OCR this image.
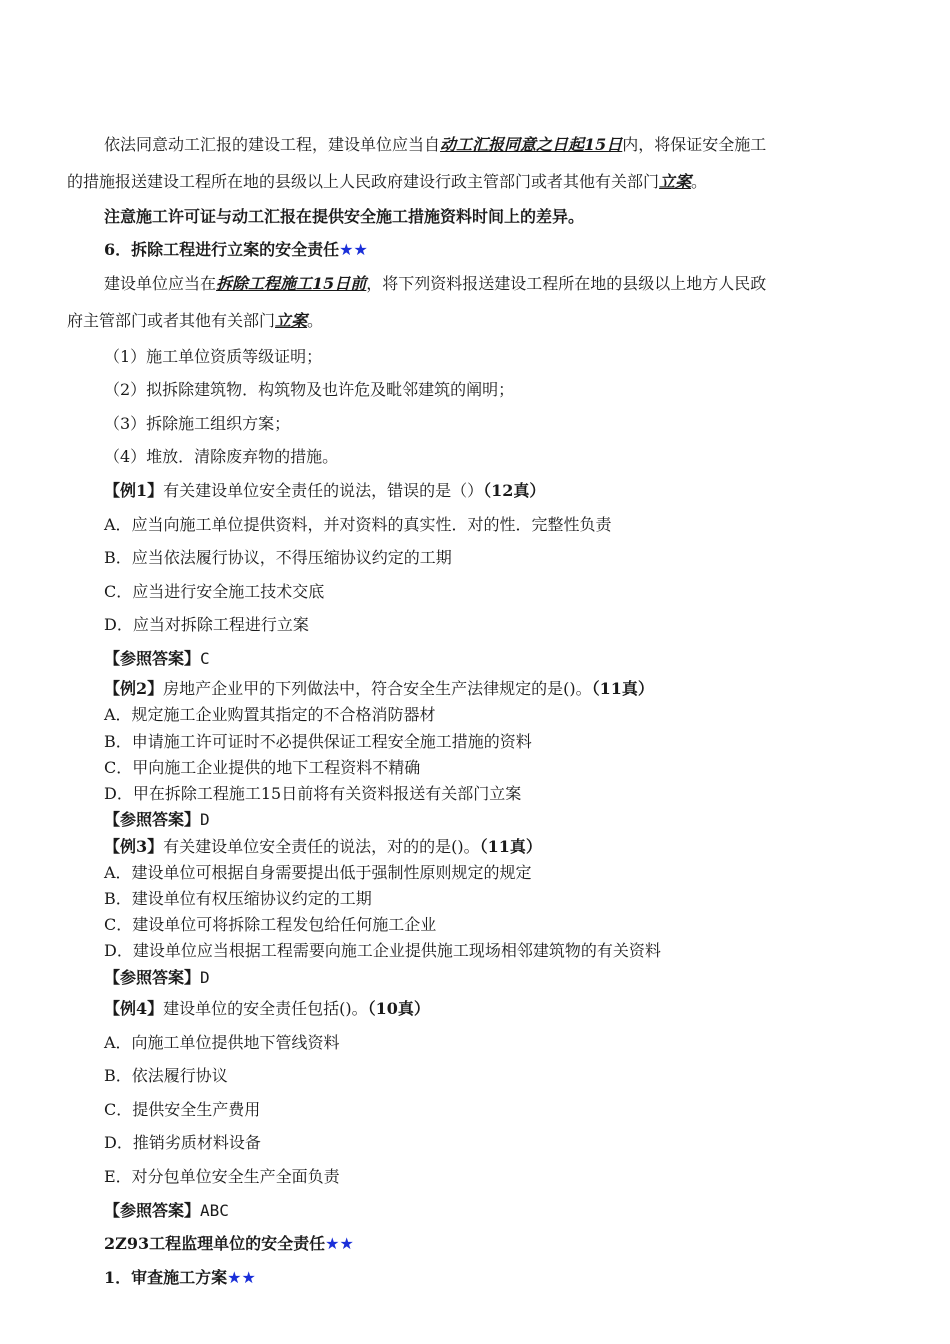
依法同意动工汇报的建设工程，建设单位应当自动工汇报同意之日起15日内，将保证安全施工
的措施报送建设工程所在地的县级以上人民政府建设行政主管部门或者其他有关部门立案。
注意施工许可证与动工汇报在提供安全施工措施资料时间上的差异。
6．拆除工程进行立案的安全责任★★
建设单位应当在拆除工程施工15日前，将下列资料报送建设工程所在地的县级以上地方人民政
府主管部门或者其他有关部门立案。
（1）施工单位资质等级证明；
（2）拟拆除建筑物．构筑物及也许危及毗邻建筑的阐明；
（3）拆除施工组织方案；
（4）堆放．清除废弃物的措施。
【例1】有关建设单位安全责任的说法，错误的是（）（12真）
A．应当向施工单位提供资料，并对资料的真实性．对的性．完整性负责
B．应当依法履行协议，不得压缩协议约定的工期
C．应当进行安全施工技术交底
D．应当对拆除工程进行立案
【参照答案】C
【例2】房地产企业甲的下列做法中，符合安全生产法律规定的是()。（11真）
A．规定施工企业购置其指定的不合格消防器材
B．申请施工许可证时不必提供保证工程安全施工措施的资料
C．甲向施工企业提供的地下工程资料不精确
D．甲在拆除工程施工15日前将有关资料报送有关部门立案
【参照答案】D
【例3】有关建设单位安全责任的说法，对的的是()。（11真）
A．建设单位可根据自身需要提出低于强制性原则规定的规定
B．建设单位有权压缩协议约定的工期
C．建设单位可将拆除工程发包给任何施工企业
D．建设单位应当根据工程需要向施工企业提供施工现场相邻建筑物的有关资料
【参照答案】D
【例4】建设单位的安全责任包括()。（10真）
A．向施工单位提供地下管线资料
B．依法履行协议
C．提供安全生产费用
D．推销劣质材料设备
E．对分包单位安全生产全面负责
【参照答案】ABC
2Z93工程监理单位的安全责任★★
1．审查施工方案★★
